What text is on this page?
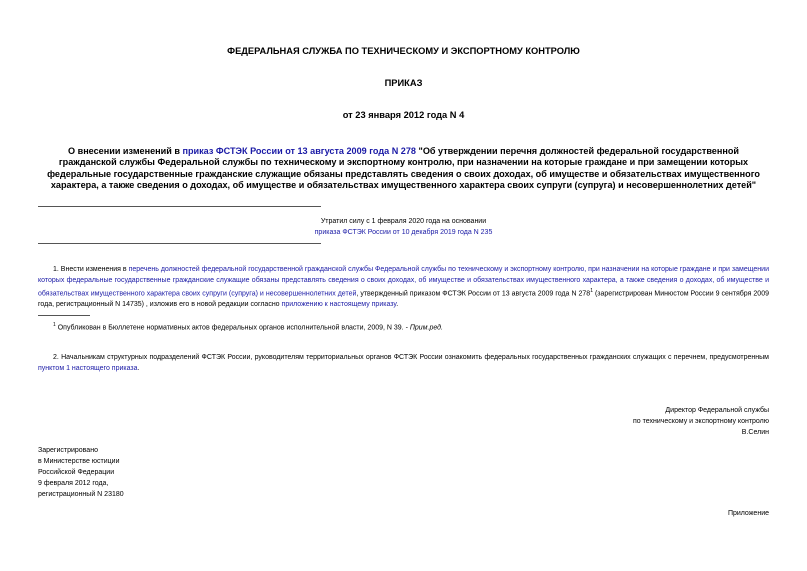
ФЕДЕРАЛЬНАЯ СЛУЖБА ПО ТЕХНИЧЕСКОМУ И ЭКСПОРТНОМУ КОНТРОЛЮ
ПРИКАЗ
от 23 января 2012 года N 4
О внесении изменений в приказ ФСТЭК России от 13 августа 2009 года N 278 "Об утверждении перечня должностей федеральной государственной гражданской службы Федеральной службы по техническому и экспортному контролю, при назначении на которые граждане и при замещении которых федеральные государственные гражданские служащие обязаны представлять сведения о своих доходах, об имуществе и обязательствах имущественного характера, а также сведения о доходах, об имуществе и обязательствах имущественного характера своих супруги (супруга) и несовершеннолетних детей"
Утратил силу с 1 февраля 2020 года на основании
приказа ФСТЭК России от 10 декабря 2019 года N 235
1. Внести изменения в перечень должностей федеральной государственной гражданской службы Федеральной службы по техническому и экспортному контролю, при назначении на которые граждане и при замещении которых федеральные государственные гражданские служащие обязаны представлять сведения о своих доходах, об имуществе и обязательствах имущественного характера, а также сведения о доходах, об имуществе и обязательствах имущественного характера своих супруги (супруга) и несовершеннолетних детей, утвержденный приказом ФСТЭК России от 13 августа 2009 года N $278^1$ (зарегистрирован Минюстом России 9 сентября 2009 года, регистрационный N 14735) , изложив его в новой редакции согласно приложению к настоящему приказу.
$^1$ Опубликован в Бюллетене нормативных актов федеральных органов исполнительной власти, 2009, N 39. - Прим.ред.
2. Начальникам структурных подразделений ФСТЭК России, руководителям территориальных органов ФСТЭК России ознакомить федеральных государственных гражданских служащих с перечнем, предусмотренным пунктом 1 настоящего приказа.
Директор Федеральной службы
по техническому и экспортному контролю
В.Селин
Зарегистрировано
в Министерстве юстиции
Российской Федерации
9 февраля 2012 года,
регистрационный N 23180
Приложение
